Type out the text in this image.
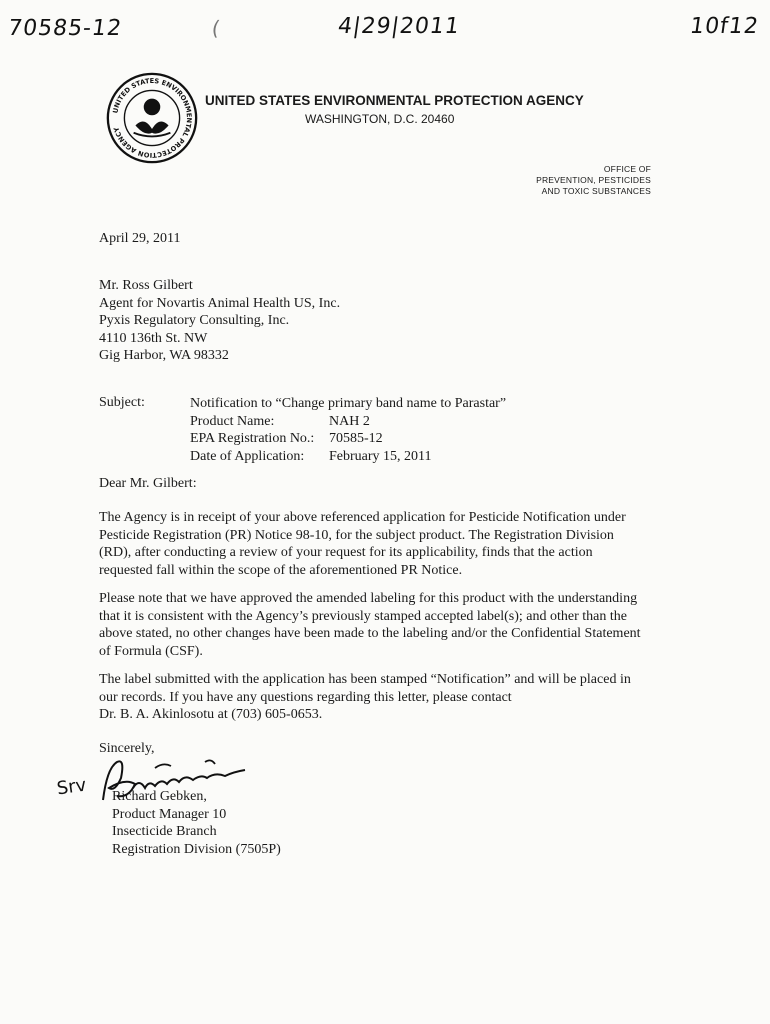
70585-12	(	4|29|2011	10f12
UNITED STATES ENVIRONMENTAL PROTECTION AGENCY
UNITED STATES ENVIRONMENTAL PROTECTION AGENCY
WASHINGTON, D.C. 20460
OFFICE OF
PREVENTION, PESTICIDES
AND TOXIC SUBSTANCES
April 29, 2011
Mr. Ross Gilbert
Agent for Novartis Animal Health US, Inc.
Pyxis Regulatory Consulting, Inc.
4110 136th St. NW
Gig Harbor, WA 98332
Subject:	Notification to “Change primary band name to Parastar”
Product Name:	NAH 2
EPA Registration No.:	70585-12
Date of Application:	February 15, 2011
Dear Mr. Gilbert:
The Agency is in receipt of your above referenced application for Pesticide Notification under
Pesticide Registration (PR) Notice 98-10, for the subject product. The Registration Division
(RD), after conducting a review of your request for its applicability, finds that the action
requested fall within the scope of the aforementioned PR Notice.
Please note that we have approved the amended labeling for this product with the understanding
that it is consistent with the Agency’s previously stamped accepted label(s); and other than the
above stated, no other changes have been made to the labeling and/or the Confidential Statement
of Formula (CSF).
The label submitted with the application has been stamped “Notification” and will be placed in
our records. If you have any questions regarding this letter, please contact
Dr. B. A. Akinlosotu at (703) 605-0653.
Sincerely,
Srv Richard Gebken,
Product Manager 10
Insecticide Branch
Registration Division (7505P)
